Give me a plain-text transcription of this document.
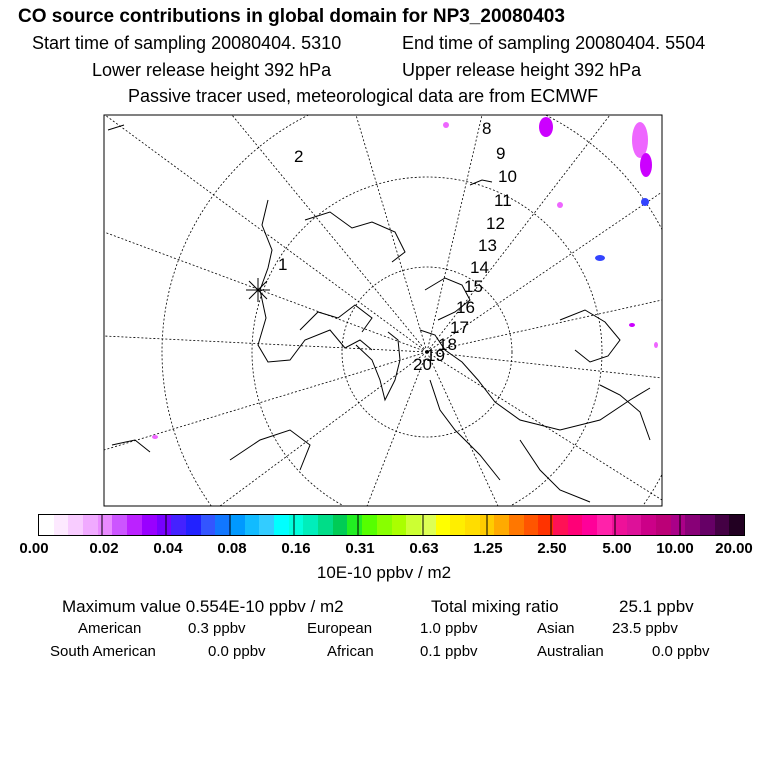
CO source contributions in global domain for NP3_20080403
Start time of sampling 20080404. 5310	End time of sampling 20080404. 5504
Lower release height 392 hPa	Upper release height 392 hPa
Passive tracer used, meteorological data are from ECMWF
1
2
8
9
10
11
12
13
14
15
16
17
18
19
20
0.00	0.02 0.04 0.08 0.16 0.31 0.63 1.25 2.50 5.00 10.00 20.00
10E-10 ppbv / m2
Maximum value 0.554E-10 ppbv / m2	Total mixing ratio	25.1 ppbv
American	0.3 ppbv	European	1.0 ppbv	Asian 23.5 ppbv
South American	0.0 ppbv	African	0.1 ppbv	Australian	0.0 ppbv
